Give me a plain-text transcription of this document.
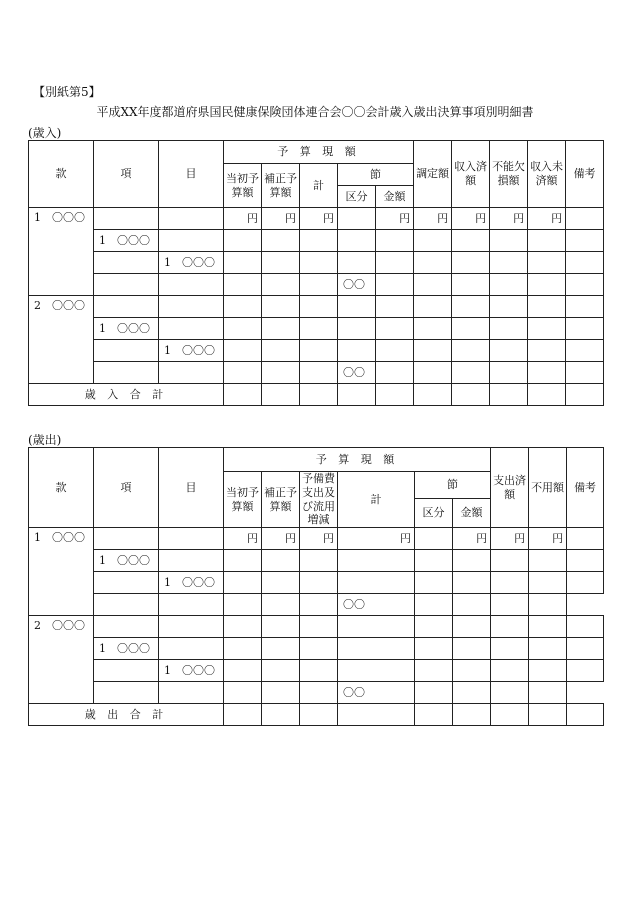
【別紙第5】
平成XX年度都道府県国民健康保険団体連合会〇〇会計歳入歳出決算事項別明細書
(歳入)
款	項	目	予 算 現 額					調定額	収入済額	不能欠損額	収入未済額	備考
			当初予算額	補正予算額	計	節						
						区分	金額					
1 〇〇〇			円	円	円		円	円	円	円	円	
	1 〇〇〇											
		1 〇〇〇										
						〇〇						
2 〇〇〇												
	1 〇〇〇											
		1 〇〇〇										
						〇〇						
歳 入 合 計												
(歳出)
款	項	目	予 算 現 額						支出済額	不用額	備考
			当初予算額	補正予算額	予備費支出及び流用増減	計	節				
							区分	金額			
1 〇〇〇			円	円	円	円		円	円	円	
	1 〇〇〇										
		1 〇〇〇									
						〇〇					
2 〇〇〇											
	1 〇〇〇										
		1 〇〇〇									
						〇〇					
歳 出 合 計											
